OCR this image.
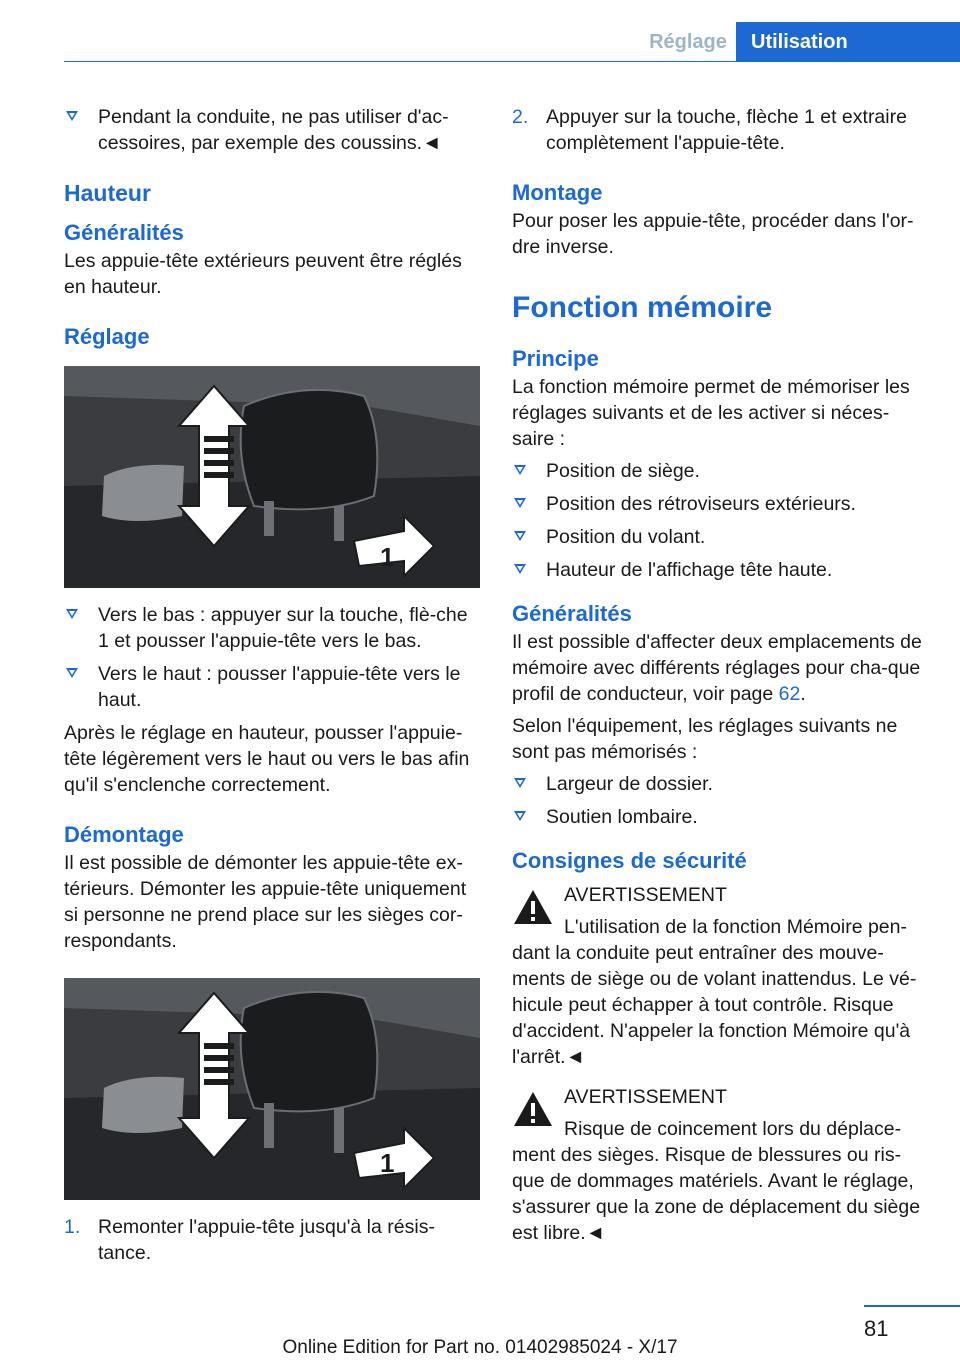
Réglage	Utilisation
Pendant la conduite, ne pas utiliser d'ac-cessoires, par exemple des coussins.◄
Hauteur
Généralités

Les appuie-tête extérieurs peuvent être réglés en hauteur.

Réglage
1
Vers le bas : appuyer sur la touche, flè-che 1 et pousser l'appuie-tête vers le bas.
Vers le haut : pousser l'appuie-tête vers le haut.

Après le réglage en hauteur, pousser l'appuie-tête légèrement vers le haut ou vers le bas afin qu'il s'enclenche correctement.

Démontage

Il est possible de démonter les appuie-tête ex-térieurs. Démonter les appuie-tête uniquement si personne ne prend place sur les sièges cor-respondants.

1
1. Remonter l'appuie-tête jusqu'à la résis-tance.
2. Appuyer sur la touche, flèche 1 et extraire complètement l'appuie-tête.
Montage

Pour poser les appuie-tête, procéder dans l'or-dre inverse.

Fonction mémoire
Principe

La fonction mémoire permet de mémoriser les réglages suivants et de les activer si néces-saire :

Position de siège.
Position des rétroviseurs extérieurs.
Position du volant.
Hauteur de l'affichage tête haute.
Généralités

Il est possible d'affecter deux emplacements de mémoire avec différents réglages pour cha-que profil de conducteur, voir page 62.

Selon l'équipement, les réglages suivants ne sont pas mémorisés :

Largeur de dossier.
Soutien lombaire.
Consignes de sécurité
AVERTISSEMENT
L'utilisation de la fonction Mémoire pen-
dant la conduite peut entraîner des mouve-ments de siège ou de volant inattendus. Le vé-hicule peut échapper à tout contrôle. Risque d'accident. N'appeler la fonction Mémoire qu'à l'arrêt.◄
AVERTISSEMENT
Risque de coincement lors du déplace-
ment des sièges. Risque de blessures ou ris-que de dommages matériels. Avant le réglage, s'assurer que la zone de déplacement du siège est libre.◄
81
Online Edition for Part no. 01402985024 - X/17
